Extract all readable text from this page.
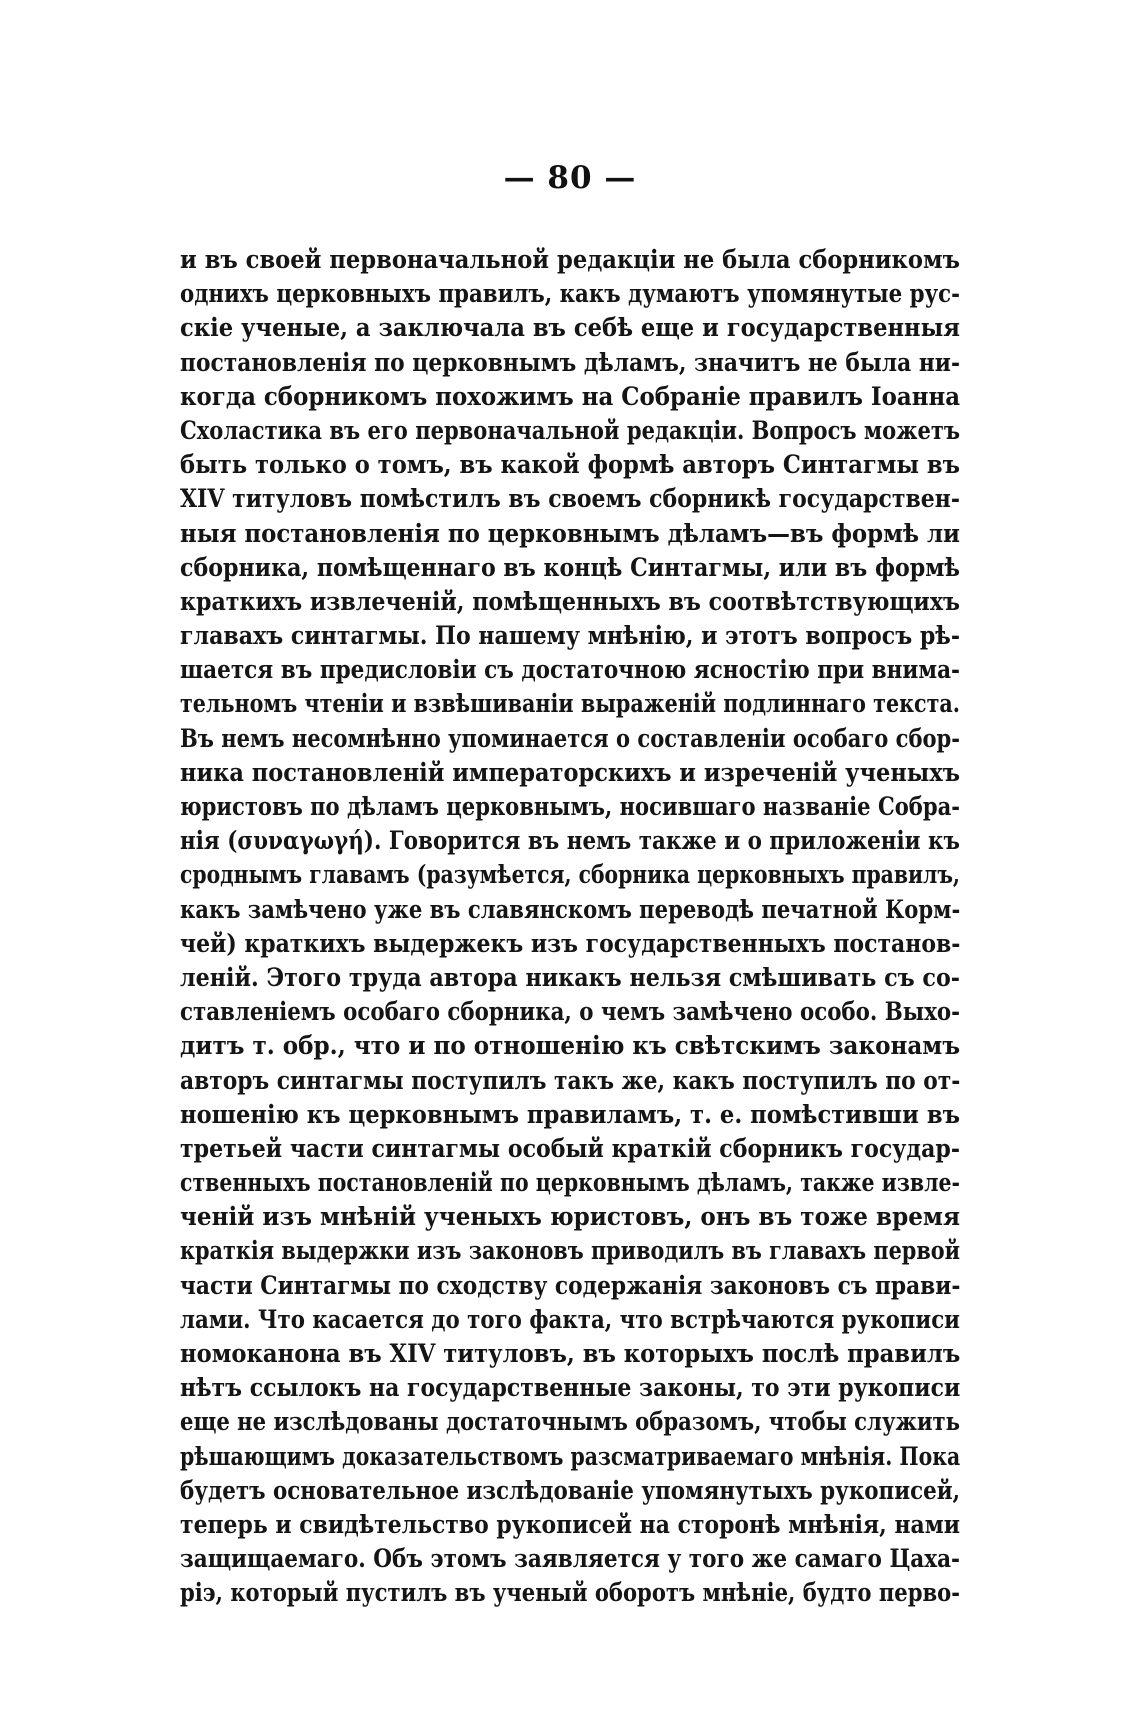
— 80 —
и въ своей первоначальной редакціи не была сборникомъ
однихъ церковныхъ правилъ, какъ думаютъ упомянутые рус-
скіе ученые, а заключала въ себѣ еще и государственныя
постановленія по церковнымъ дѣламъ, значитъ не была ни-
когда сборникомъ похожимъ на Собраніе правилъ Іоанна
Схоластика въ его первоначальной редакціи. Вопросъ можетъ
быть только о томъ, въ какой формѣ авторъ Синтагмы въ
XIV титуловъ помѣстилъ въ своемъ сборникѣ государствен-
ныя постановленія по церковнымъ дѣламъ—въ формѣ ли
сборника, помѣщеннаго въ концѣ Синтагмы, или въ формѣ
краткихъ извлеченій, помѣщенныхъ въ соотвѣтствующихъ
главахъ синтагмы. По нашему мнѣнію, и этотъ вопросъ рѣ-
шается въ предисловіи съ достаточною ясностію при внима-
тельномъ чтеніи и взвѣшиваніи выраженій подлиннаго текста.
Въ немъ несомнѣнно упоминается о составленіи особаго сбор-
ника постановленій императорскихъ и изреченій ученыхъ
юристовъ по дѣламъ церковнымъ, носившаго названіе Собра-
нія (συναγωγή). Говорится въ немъ также и о приложеніи къ
сроднымъ главамъ (разумѣется, сборника церковныхъ правилъ,
какъ замѣчено уже въ славянскомъ переводѣ печатной Корм-
чей) краткихъ выдержекъ изъ государственныхъ постанов-
леній. Этого труда автора никакъ нельзя смѣшивать съ со-
ставленіемъ особаго сборника, о чемъ замѣчено особо. Выхо-
дитъ т. обр., что и по отношенію къ свѣтскимъ законамъ
авторъ синтагмы поступилъ такъ же, какъ поступилъ по от-
ношенію къ церковнымъ правиламъ, т. е. помѣстивши въ
третьей части синтагмы особый краткій сборникъ государ-
ственныхъ постановленій по церковнымъ дѣламъ, также извле-
ченій изъ мнѣній ученыхъ юристовъ, онъ въ тоже время
краткія выдержки изъ законовъ приводилъ въ главахъ первой
части Синтагмы по сходству содержанія законовъ съ прави-
лами. Что касается до того факта, что встрѣчаются рукописи
номоканона въ XIV титуловъ, въ которыхъ послѣ правилъ
нѣтъ ссылокъ на государственные законы, то эти рукописи
еще не изслѣдованы достаточнымъ образомъ, чтобы служить
рѣшающимъ доказательствомъ разсматриваемаго мнѣнія. Пока
будетъ основательное изслѣдованіе упомянутыхъ рукописей,
теперь и свидѣтельство рукописей на сторонѣ мнѣнія, нами
защищаемаго. Объ этомъ заявляется у того же самаго Цаха-
ріэ, который пустилъ въ ученый оборотъ мнѣніе, будто перво-
